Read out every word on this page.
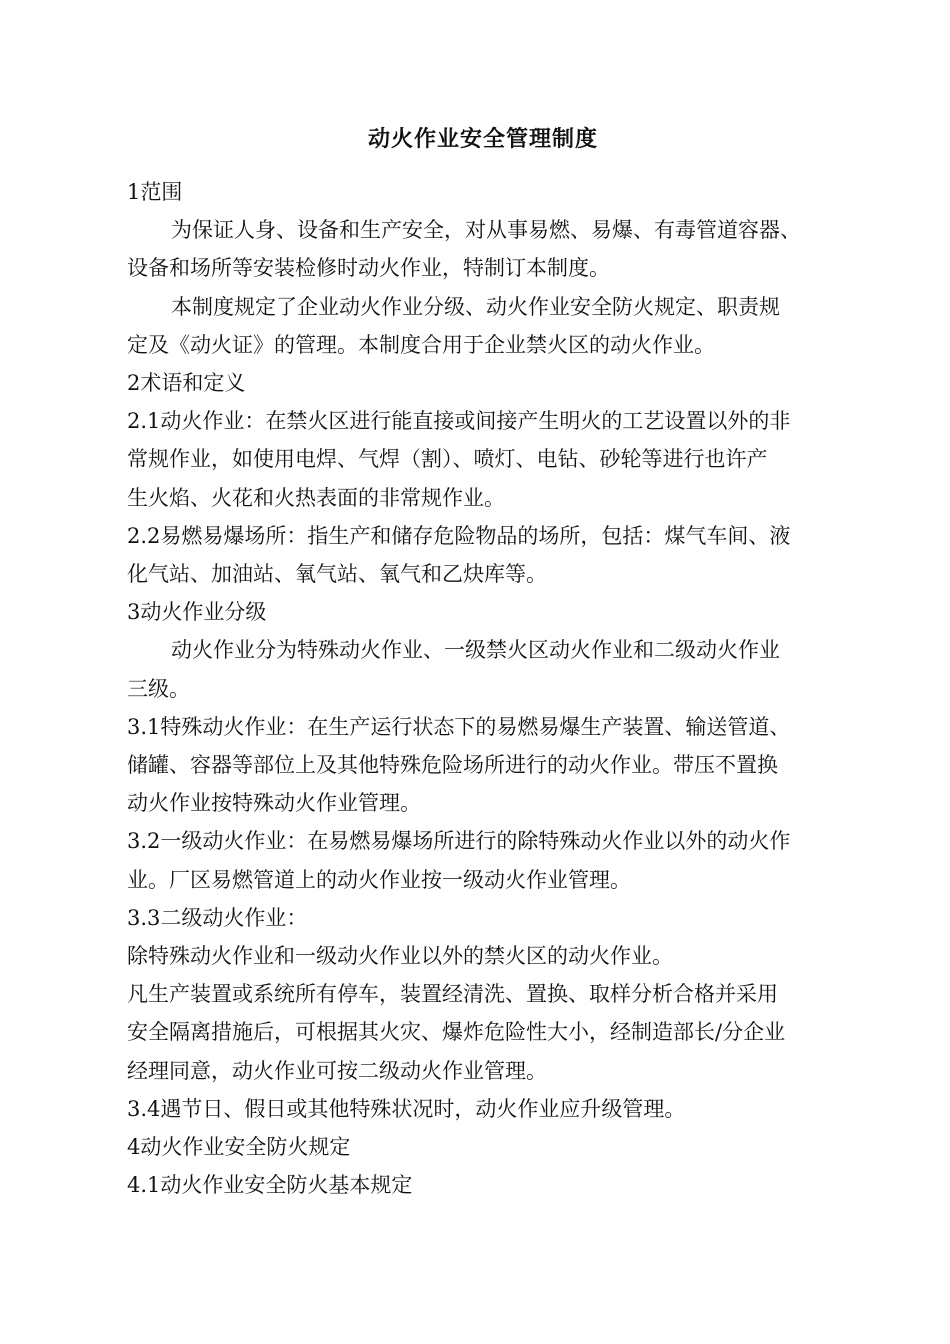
动火作业安全管理制度

1范围

为保证人身、设备和生产安全，对从事易燃、易爆、有毒管道容器、

设备和场所等安装检修时动火作业，特制订本制度。

本制度规定了企业动火作业分级、动火作业安全防火规定、职责规

定及《动火证》的管理。本制度合用于企业禁火区的动火作业。

2术语和定义

2.1动火作业：在禁火区进行能直接或间接产生明火的工艺设置以外的非

常规作业，如使用电焊、气焊（割）、喷灯、电钻、砂轮等进行也许产

生火焰、火花和火热表面的非常规作业。

2.2易燃易爆场所：指生产和储存危险物品的场所，包括：煤气车间、液

化气站、加油站、氧气站、氧气和乙炔库等。

3动火作业分级

动火作业分为特殊动火作业、一级禁火区动火作业和二级动火作业

三级。

3.1特殊动火作业：在生产运行状态下的易燃易爆生产装置、输送管道、

储罐、容器等部位上及其他特殊危险场所进行的动火作业。带压不置换

动火作业按特殊动火作业管理。

3.2一级动火作业：在易燃易爆场所进行的除特殊动火作业以外的动火作

业。厂区易燃管道上的动火作业按一级动火作业管理。

3.3二级动火作业：

除特殊动火作业和一级动火作业以外的禁火区的动火作业。

凡生产装置或系统所有停车，装置经清洗、置换、取样分析合格并采用

安全隔离措施后，可根据其火灾、爆炸危险性大小，经制造部长/分企业

经理同意，动火作业可按二级动火作业管理。

3.4遇节日、假日或其他特殊状况时，动火作业应升级管理。

4动火作业安全防火规定

4.1动火作业安全防火基本规定
